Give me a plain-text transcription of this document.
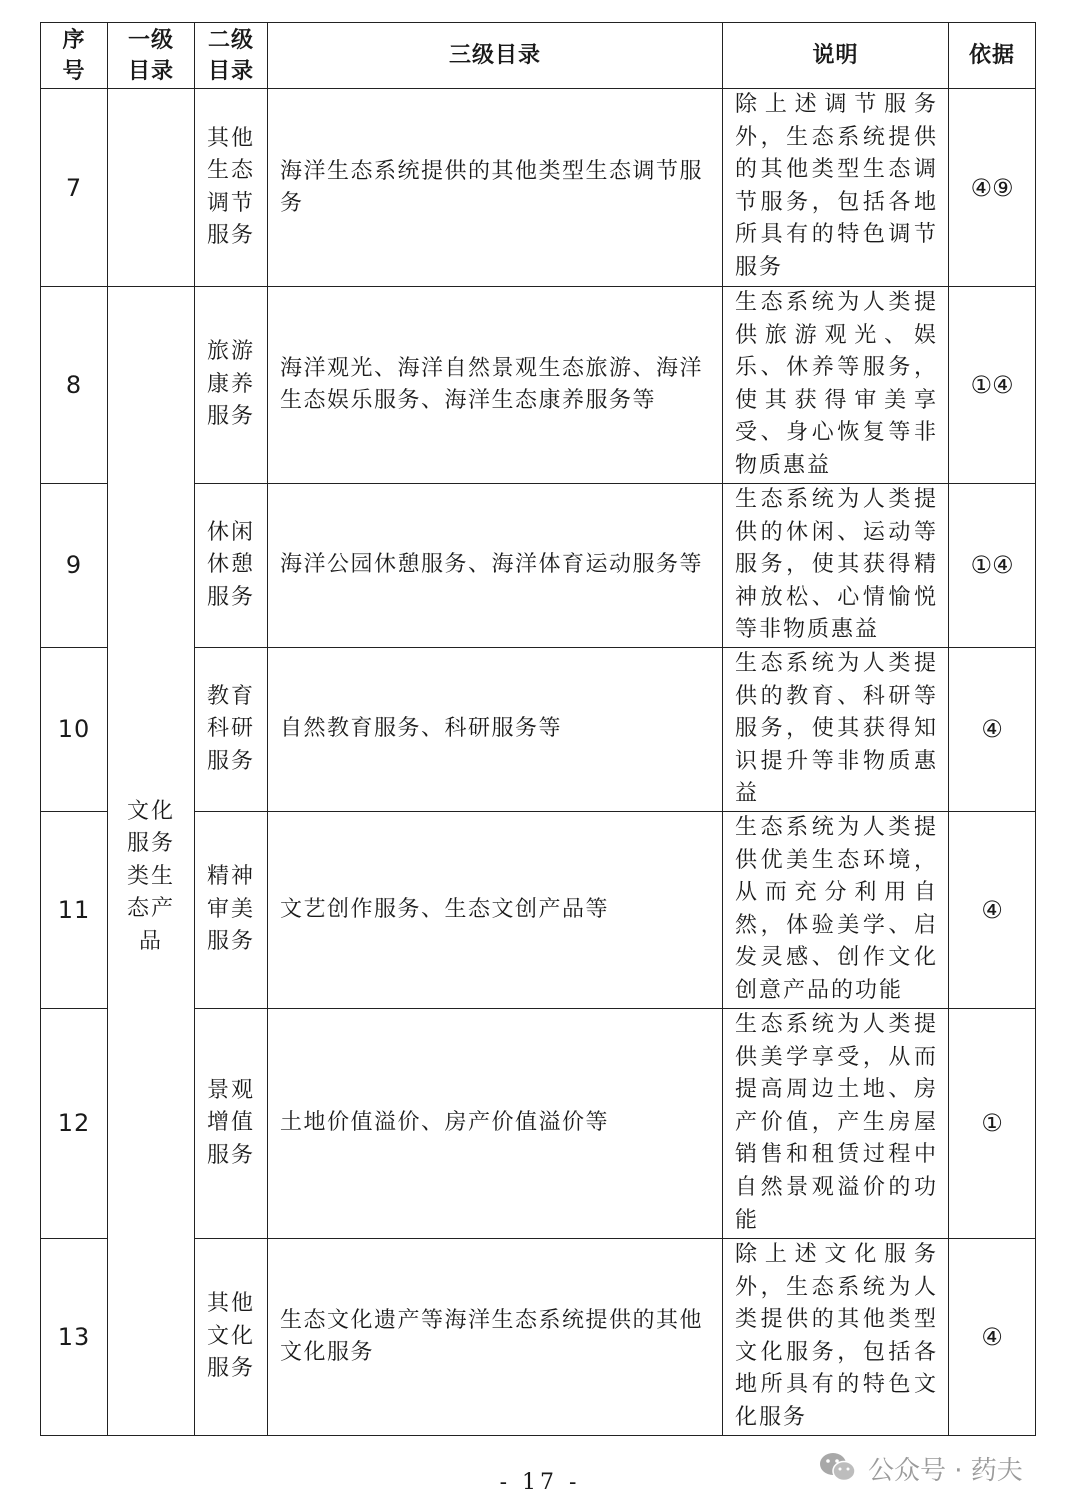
序
号	一级
目录	二级
目录	三级目录	说明	依据
7		其他
生态
调节
服务	海洋生态系统提供的其他类型生态调节服务	除上述调节服务外，生态系统提供的其他类型生态调节服务，包括各地所具有的特色调节服务	④⑨
8	文化服务类生态产品	旅游
康养
服务	海洋观光、海洋自然景观生态旅游、海洋生态娱乐服务、海洋生态康养服务等	生态系统为人类提供旅游观光、娱乐、休养等服务，使其获得审美享受、身心恢复等非物质惠益	①④
9		休闲
休憩
服务	海洋公园休憩服务、海洋体育运动服务等	生态系统为人类提供的休闲、运动等服务，使其获得精神放松、心情愉悦等非物质惠益	①④
10		教育
科研
服务	自然教育服务、科研服务等	生态系统为人类提供的教育、科研等服务，使其获得知识提升等非物质惠益	④
11		精神
审美
服务	文艺创作服务、生态文创产品等	生态系统为人类提供优美生态环境，从而充分利用自然，体验美学、启发灵感、创作文化创意产品的功能	④
12		景观
增值
服务	土地价值溢价、房产价值溢价等	生态系统为人类提供美学享受，从而提高周边土地、房产价值，产生房屋销售和租赁过程中自然景观溢价的功能	①
13		其他
文化
服务	生态文化遗产等海洋生态系统提供的其他文化服务	除上述文化服务外，生态系统为人类提供的其他类型文化服务，包括各地所具有的特色文化服务	④
- 17 -	公众号 · 药夫
